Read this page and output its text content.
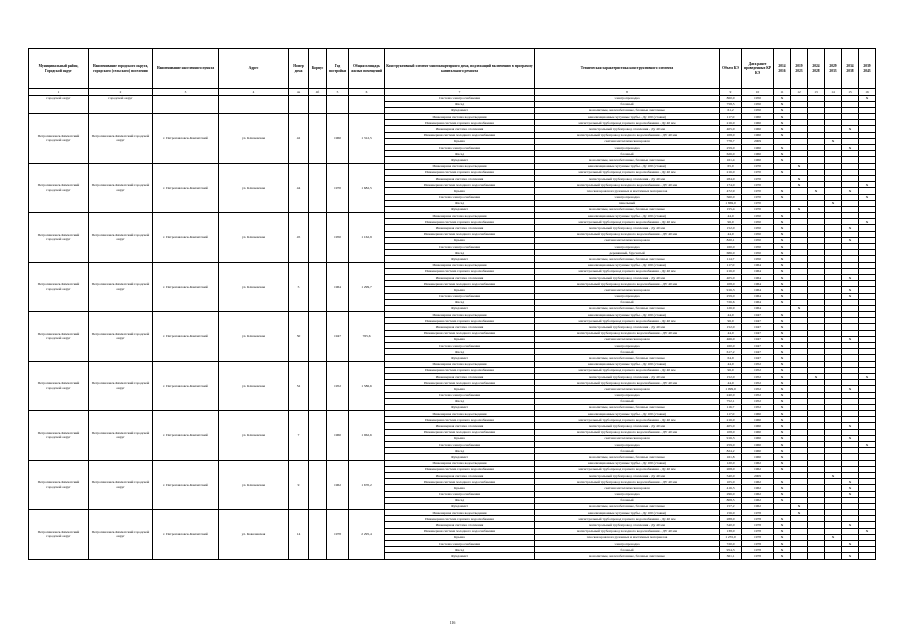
Муниципальный район, Городской округ	Наименование городского округа, городского (сельского) поселения	Наименование населенного пункта	Адрес	Номер дома	Корпус	Год постройки	Общая площадь жилых помещений	Конструктивный элемент многоквартирного дома, подлежащий включению в программу капитального ремонта	Техническая характеристика конструктивного элемента	Объем КЭ	Дата ранее проведенных КР КЭ	2014 2016	2019 2023	2024 2028	2029 2033	2034 2038	2039 2043
1	2	3	4	4а	4б	5	6	7	8	9	10	11	12	13	14	15	16
городской округ	городской округ							Система электроснабжения	электропроводка	860,0	1950	X					X
								Фасад	блочный	758,5	1950	X					
								Фундамент	монолитные, железобетонные, блочные ленточные	61,2	1950	X					
Петропавловск-Камчатский городской округ	Петропавловск-Камчатский городской округ	г. Петропавловск-Камчатский	ул. Ключевская	42		1960	1 312,5	Инженерная система водоотведения	канализационные чугунные трубы - Ду 100 (стояки)	117,0	1960	X					
								Инженерная система горячего водоснабжения	магистральный трубопровод горячего водоснабжения - Ду 40 мм	216,0	1960	X					
								Инженерная система отопления	магистральный трубопровод отопления - Ду 40 мм	405,0	1960	X				X	
								Инженерная система холодного водоснабжения	магистральный трубопровод холодного водоснабжения - ДУ 40 мм	108,0	1960	X					
								Крыша	скатная металлическая кровля	778,7	2009				X		
								Система электроснабжения	электропроводка	259,0	1960	X				X	
								Фасад	блочный	626,0	1960	X					
								Фундамент	монолитные, железобетонные, блочные ленточные	161,4	1960	X					
Петропавловск-Камчатский городской округ	Петропавловск-Камчатский городской округ	г. Петропавловск-Камчатский	ул. Ключевская	44		1970	1 682,5	Инженерная система водоотведения	канализационные чугунные трубы - Ду 100 (стояки)	65,0	1970		X				
								Инженерная система горячего водоснабжения	магистральный трубопровод горячего водоснабжения - Ду 40 мм	216,0	1970	X					
								Инженерная система отопления	магистральный трубопровод отопления - Ду 40 мм	284,0	1970		X				
								Инженерная система холодного водоснабжения	магистральный трубопровод холодного водоснабжения - ДУ 40 мм	174,0	1970		X				X
								Крыша	плоская кровля из рулонных и мастичных материалов	472,9	1970	X		X		X	
								Система электроснабжения	электропроводка	560,0	1970	X					X
								Фасад	панельный	1 869,0	1970				X		
								Фундамент	монолитные, железобетонные, блочные ленточные	155,4	1970		X				
Петропавловск-Камчатский городской округ	Петропавловск-Камчатский городской округ	г. Петропавловск-Камчатский	ул. Ключевская	45		1950	1 162,9	Инженерная система водоотведения	канализационные чугунные трубы - Ду 100 (стояки)	44,0	1950	X					
								Инженерная система горячего водоснабжения	магистральный трубопровод горячего водоснабжения - Ду 40 мм	96,0	1950	X					X
								Инженерная система отопления	магистральный трубопровод отопления - Ду 40 мм	152,0	1950	X				X	
								Инженерная система холодного водоснабжения	магистральный трубопровод холодного водоснабжения - ДУ 40 мм	44,0	1950	X					
								Крыша	скатная металлическая кровля	820,1	1950	X				X	
								Система электроснабжения	электропроводка	160,0	1950	X					
								Фасад	деревянный, брусчатый	686,0	1950	X					
								Фундамент	монолитные, железобетонные, блочные ленточные	114,7	1950	X					
Петропавловск-Камчатский городской округ	Петропавловск-Камчатский городской округ	г. Петропавловск-Камчатский	ул. Ключевская	5		1964	1 299,7	Инженерная система водоотведения	канализационные чугунные трубы - Ду 100 (стояки)	117,0	1964	X					
								Инженерная система горячего водоснабжения	магистральный трубопровод горячего водоснабжения - Ду 40 мм	216,0	1964	X					
								Инженерная система отопления	магистральный трубопровод отопления - Ду 40 мм	405,0	1964	X				X	
								Инженерная система холодного водоснабжения	магистральный трубопровод холодного водоснабжения - ДУ 40 мм	108,0	1964	X					
								Крыша	скатная металлическая кровля	916,3	1964	X				X	
								Система электроснабжения	электропроводка	259,0	1964	X				X	
								Фасад	блочный	726,6	1964	X					
								Фундамент	монолитные, железобетонные, блочные ленточные	126,9	1964		X				
Петропавловск-Камчатский городской округ	Петропавловск-Камчатский городской округ	г. Петропавловск-Камчатский	ул. Ключевская	50		1947	765,6	Инженерная система водоотведения	канализационные чугунные трубы - Ду 100 (стояки)	44,0	1947	X					
								Инженерная система горячего водоснабжения	магистральный трубопровод горячего водоснабжения - Ду 40 мм	96,0	1947	X					
								Инженерная система отопления	магистральный трубопровод отопления - Ду 40 мм	152,0	1947	X					
								Инженерная система холодного водоснабжения	магистральный трубопровод холодного водоснабжения - ДУ 40 мм	44,0	1947	X					
								Крыша	скатная металлическая кровля	466,0	1947	X				X	
								Система электроснабжения	электропроводка	160,0	1947	X					
								Фасад	блочный	617,2	1947	X					
								Фундамент	монолитные, железобетонные, блочные ленточные	64,9	1947	X					
Петропавловск-Камчатский городской округ	Петропавловск-Камчатский городской округ	г. Петропавловск-Камчатский	ул. Ключевская	52		1952	1 586,6	Инженерная система водоотведения	канализационные чугунные трубы - Ду 100 (стояки)	44,0	1952	X					
								Инженерная система горячего водоснабжения	магистральный трубопровод горячего водоснабжения - Ду 40 мм	96,0	1952	X					
								Инженерная система отопления	магистральный трубопровод отопления - Ду 40 мм	152,0	1952	X		X			X
								Инженерная система холодного водоснабжения	магистральный трубопровод холодного водоснабжения - ДУ 40 мм	44,0	1952	X					
								Крыша	скатная металлическая кровля	1 099,0	1952	X				X	
								Система электроснабжения	электропроводка	240,0	1952	X					
								Фасад	блочный	752,1	1952	X					
								Фундамент	монолитные, железобетонные, блочные ленточные	116,7	1952	X					
Петропавловск-Камчатский городской округ	Петропавловск-Камчатский городской округ	г. Петропавловск-Камчатский	ул. Ключевская	7		1960	1 962,6	Инженерная система водоотведения	канализационные чугунные трубы - Ду 100 (стояки)	117,0	1960	X					
								Инженерная система горячего водоснабжения	магистральный трубопровод горячего водоснабжения - Ду 40 мм	216,0	1960	X					
								Инженерная система отопления	магистральный трубопровод отопления - Ду 40 мм	405,0	1960	X				X	
								Инженерная система холодного водоснабжения	магистральный трубопровод холодного водоснабжения - ДУ 40 мм	108,0	1960	X					
								Крыша	скатная металлическая кровля	916,3	1960	X				X	
								Система электроснабжения	электропроводка	259,0	1960	X					X
								Фасад	блочный	824,2	1960	X					
								Фундамент	монолитные, железобетонные, блочные ленточные	161,8	1960	X					
Петропавловск-Камчатский городской округ	Петропавловск-Камчатский городской округ	г. Петропавловск-Камчатский	ул. Ключевская	9		1962	1 670,2	Инженерная система водоотведения	канализационные чугунные трубы - Ду 100 (стояки)	120,0	1962	X					
								Инженерная система горячего водоснабжения	магистральный трубопровод горячего водоснабжения - Ду 40 мм	208,0	1962	X					
								Инженерная система отопления	магистральный трубопровод отопления - Ду 40 мм	540,0	2009				X		
								Инженерная система холодного водоснабжения	магистральный трубопровод холодного водоснабжения - ДУ 40 мм	105,0	1962	X				X	
								Крыша	скатная металлическая кровля	416,3	1962	X				X	
								Система электроснабжения	электропроводка	296,0	1962	X				X	
								Фасад	блочный	808,5	1962	X					
								Фундамент	монолитные, железобетонные, блочные ленточные	157,2	1962		X				
Петропавловск-Камчатский городской округ	Петропавловск-Камчатский городской округ	г. Петропавловск-Камчатский	ул. Ковалевская	14		1978	2 295,4	Инженерная система водоотведения	канализационные чугунные трубы - Ду 100 (стояки)	156,0	1978		X				
								Инженерная система горячего водоснабжения	магистральный трубопровод горячего водоснабжения - Ду 40 мм	288,0	1978	X					
								Инженерная система отопления	магистральный трубопровод отопления - Ду 40 мм	540,0	1978	X				X	
								Инженерная система холодного водоснабжения	магистральный трубопровод холодного водоснабжения - ДУ 40 мм	138,0	1978	X					X
								Крыша	плоская кровля из рулонных и мастичных материалов	1 255,0	1978	X			X		
								Система электроснабжения	электропроводка	720,0	1978	X				X	
								Фасад	блочный	954,3	1978	X					
								Фундамент	монолитные, железобетонные, блочные ленточные	361,1	1978	X				X	
116
